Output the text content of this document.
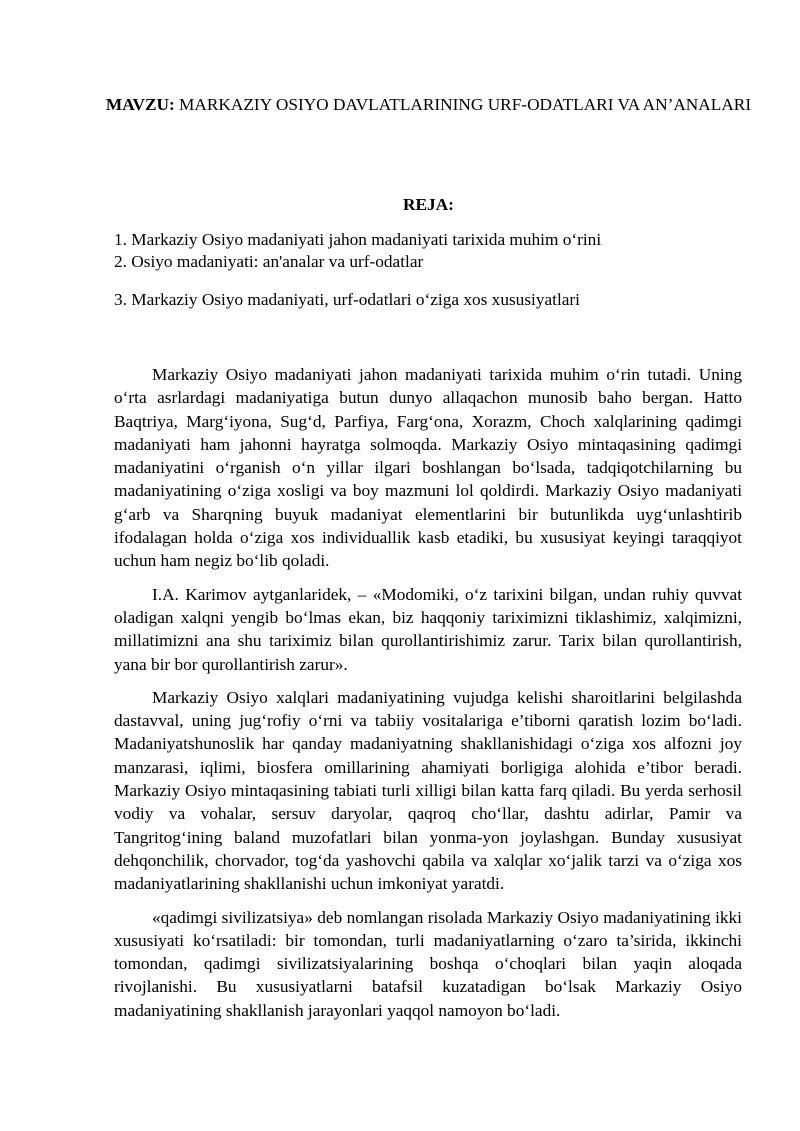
MAVZU: MARKAZIY OSIYO DAVLATLARINING URF-ODATLARI VA AN’ANALARI
REJA:
1. Markaziy Osiyo madaniyati jahon madaniyati tarixida muhim oʻrini
2. Osiyo madaniyati: an'analar va urf-odatlar
3. Markaziy Osiyo madaniyati, urf-odatlari oʻziga xos xususiyatlari

Markaziy Osiyo madaniyati jahon madaniyati tarixida muhim oʻrin tutadi. Uning oʻrta asrlardagi madaniyatiga butun dunyo allaqachon munosib baho bergan. Hatto Baqtriya, Margʻiyona, Sugʻd, Parfiya, Fargʻona, Xorazm, Choch xalqlarining qadimgi madaniyati ham jahonni hayratga solmoqda. Markaziy Osiyo mintaqasining qadimgi madaniyatini oʻrganish oʻn yillar ilgari boshlangan boʻlsada, tadqiqotchilarning bu madaniyatining oʻziga xosligi va boy mazmuni lol qoldirdi. Markaziy Osiyo madaniyati gʻarb va Sharqning buyuk madaniyat elementlarini bir butunlikda uygʻunlashtirib ifodalagan holda oʻziga xos individuallik kasb etadiki, bu xususiyat keyingi taraqqiyot uchun ham negiz boʻlib qoladi.

I.A. Karimov aytganlaridek, – «Modomiki, oʻz tarixini bilgan, undan ruhiy quvvat oladigan xalqni yengib boʻlmas ekan, biz haqqoniy tariximizni tiklashimiz, xalqimizni, millatimizni ana shu tariximiz bilan qurollantirishimiz zarur. Tarix bilan qurollantirish, yana bir bor qurollantirish zarur».

Markaziy Osiyo xalqlari madaniyatining vujudga kelishi sharoitlarini belgilashda dastavval, uning jugʻrofiy oʻrni va tabiiy vositalariga e’tiborni qaratish lozim boʻladi. Madaniyatshunoslik har qanday madaniyatning shakllanishidagi oʻziga xos alfozni joy manzarasi, iqlimi, biosfera omillarining ahamiyati borligiga alohida e’tibor beradi. Markaziy Osiyo mintaqasining tabiati turli xilligi bilan katta farq qiladi. Bu yerda serhosil vodiy va vohalar, sersuv daryolar, qaqroq choʻllar, dashtu adirlar, Pamir va Tangritogʻining baland muzofatlari bilan yonma-yon joylashgan. Bunday xususiyat dehqonchilik, chorvador, togʻda yashovchi qabila va xalqlar xoʻjalik tarzi va oʻziga xos madaniyatlarining shakllanishi uchun imkoniyat yaratdi.

«qadimgi sivilizatsiya» deb nomlangan risolada Markaziy Osiyo madaniyatining ikki xususiyati koʻrsatiladi: bir tomondan, turli madaniyatlarning oʻzaro ta’sirida, ikkinchi tomondan, qadimgi sivilizatsiyalarining boshqa oʻchoqlari bilan yaqin aloqada rivojlanishi. Bu xususiyatlarni batafsil kuzatadigan boʻlsak Markaziy Osiyo madaniyatining shakllanish jarayonlari yaqqol namoyon boʻladi.
